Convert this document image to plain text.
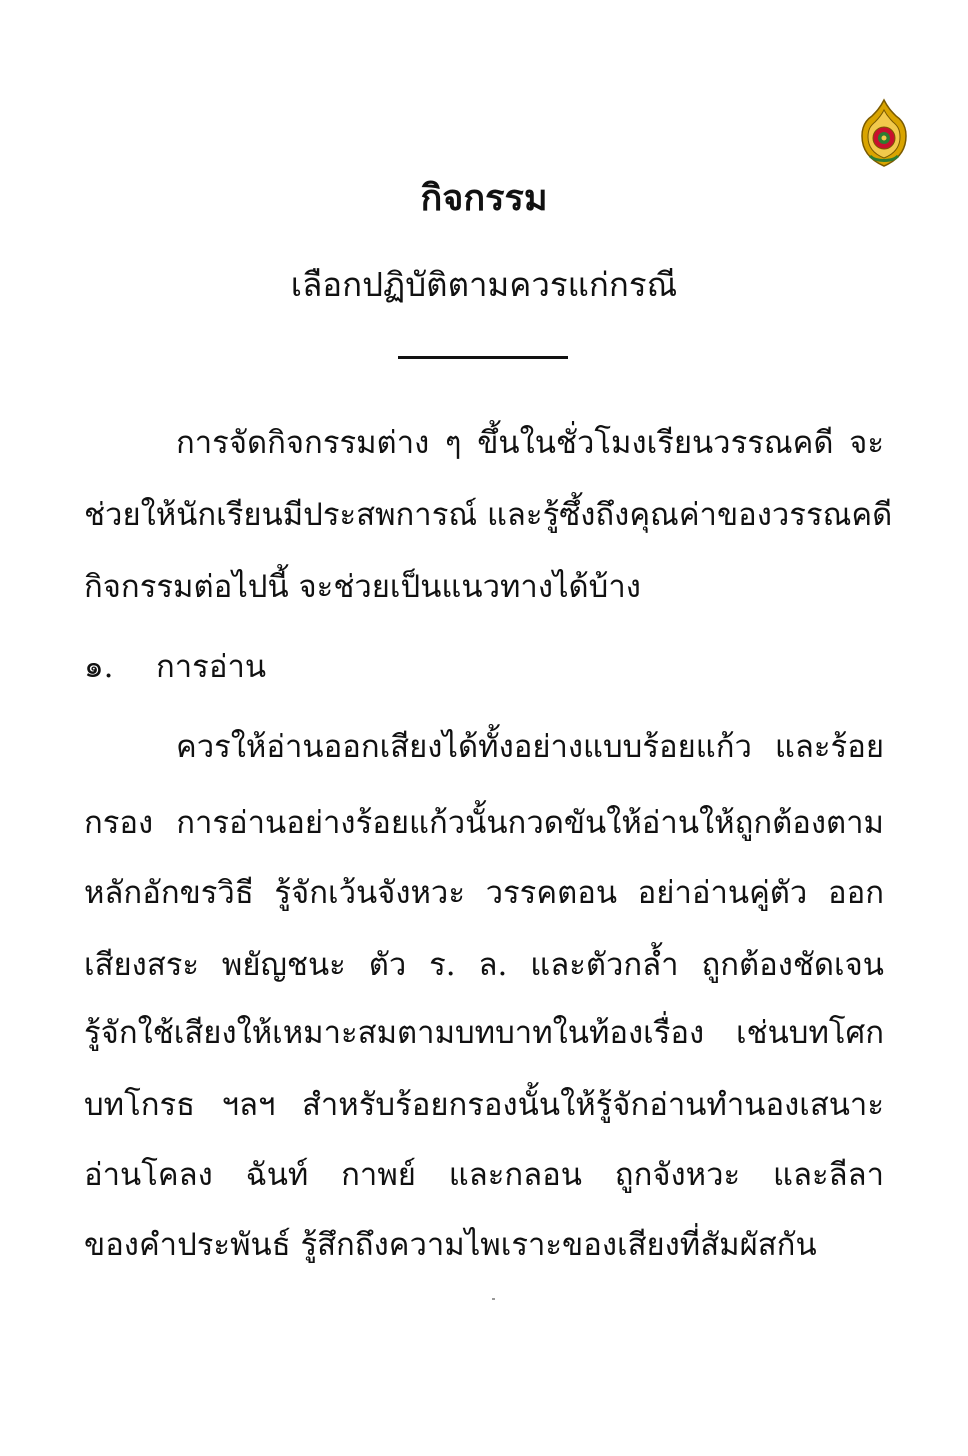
กิจกรรม
เลือกปฏิบัติตามควรแก่กรณี
การจัดกิจกรรมต่าง ๆ ขึ้นในชั่วโมงเรียนวรรณคดี จะ
ช่วยให้นักเรียนมีประสพการณ์ และรู้ซึ้งถึงคุณค่าของวรรณคดี
กิจกรรมต่อไปนี้ จะช่วยเป็นแนวทางได้บ้าง
๑. การอ่าน
ควรให้อ่านออกเสียงได้ทั้งอย่างแบบร้อยแก้ว และร้อย
กรอง การอ่านอย่างร้อยแก้วนั้นกวดขันให้อ่านให้ถูกต้องตาม
หลักอักขรวิธี รู้จักเว้นจังหวะ วรรคตอน อย่าอ่านคู่ตัว ออก
เสียงสระ พยัญชนะ ตัว ร. ล. และตัวกล้ำ ถูกต้องชัดเจน
รู้จักใช้เสียงให้เหมาะสมตามบทบาทในท้องเรื่อง เช่นบทโศก
บทโกรธ ฯลฯ สำหรับร้อยกรองนั้นให้รู้จักอ่านทำนองเสนาะ
อ่านโคลง ฉันท์ กาพย์ และกลอน ถูกจังหวะ และลีลา
ของคำประพันธ์ รู้สึกถึงความไพเราะของเสียงที่สัมผัสกัน
